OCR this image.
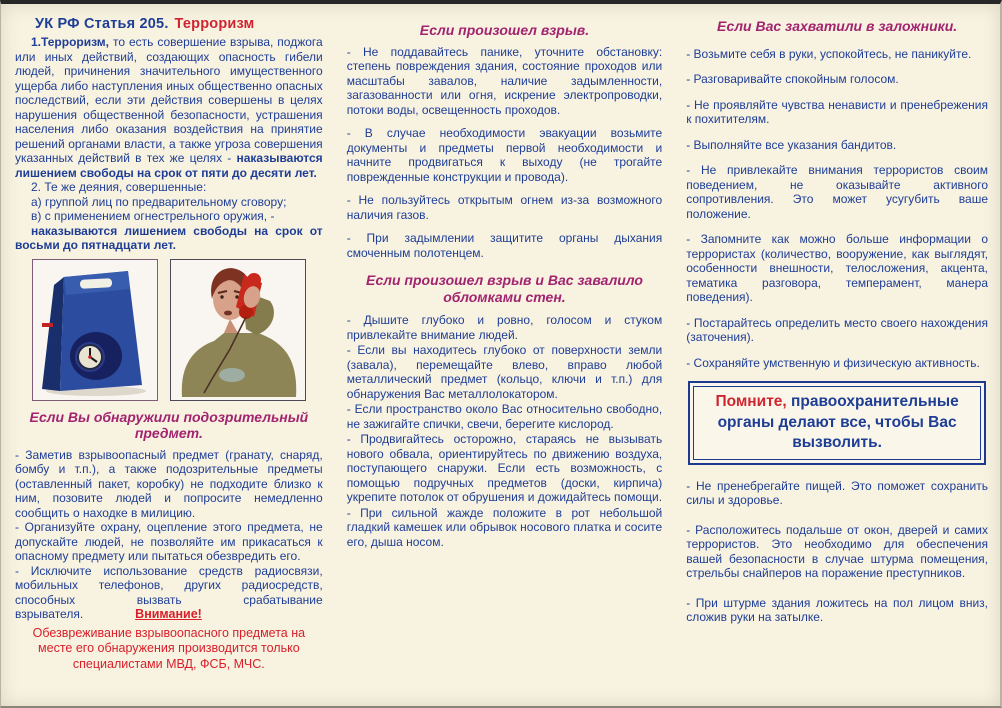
УК РФ Статья 205. Терроризм

1.Терроризм, то есть совершение взрыва, поджога или иных действий, создающих опасность гибели людей, причинения значительного имущественного ущерба либо наступления иных общественно опасных последствий, если эти действия совершены в целях нарушения общественной безопасности, устрашения населения либо оказания воздействия на принятие решений органами власти, а также угроза совершения указанных действий в тех же целях - наказываются лишением свободы на срок от пяти до десяти лет.

2. Те же деяния, совершенные:

а) группой лиц по предварительному сговору;

в) с применением огнестрельного оружия, -

наказываются лишением свободы на срок от восьми до пятнадцати лет.

Если Вы обнаружили подозрительный предмет.

- Заметив взрывоопасный предмет (гранату, снаряд, бомбу и т.п.), а также подозрительные предметы (оставленный пакет, коробку) не подходите близко к ним, позовите людей и попросите немедленно сообщить о находке в милицию.

- Организуйте охрану, оцепление этого предмета, не допускайте людей, не позволяйте им прикасаться к опасному предмету или пытаться обезвредить его.

- Исключите использование средств радиосвязи, мобильных телефонов, других радиосредств, способных вызвать срабатывание взрывателя.	Внимание!

Обезвреживание взрывоопасного предмета на месте его обнаружения производится только специалистами МВД, ФСБ, МЧС.

Если произошел взрыв.

- Не поддавайтесь панике, уточните обстановку: степень повреждения здания, состояние проходов или масштабы завалов, наличие задымленности, загазованности или огня, искрение электропроводки, потоки воды, освещенность проходов.

- В случае необходимости эвакуации возьмите документы и предметы первой необходимости и начните продвигаться к выходу (не трогайте поврежденные конструкции и провода).

- Не пользуйтесь открытым огнем из-за возможного наличия газов.

- При задымлении защитите органы дыхания смоченным полотенцем.

Если произошел взрыв и Вас завалило обломками стен.

- Дышите глубоко и ровно, голосом и стуком привлекайте внимание людей.

- Если вы находитесь глубоко от поверхности земли (завала), перемещайте влево, вправо любой металлический предмет (кольцо, ключи и т.п.) для обнаружения Вас металлолокатором.

- Если пространство около Вас относительно свободно, не зажигайте спички, свечи, берегите кислород.

- Продвигайтесь осторожно, стараясь не вызывать нового обвала, ориентируйтесь по движению воздуха, поступающего снаружи. Если есть возможность, с помощью подручных предметов (доски, кирпича) укрепите потолок от обрушения и дожидайтесь помощи.

- При сильной жажде положите в рот небольшой гладкий камешек или обрывок носового платка и сосите его, дыша носом.

Если Вас захватили в заложники.

- Возьмите себя в руки, успокойтесь, не паникуйте.

- Разговаривайте спокойным голосом.

- Не проявляйте чувства ненависти и пренебрежения к похитителям.

- Выполняйте все указания бандитов.

- Не привлекайте внимания террористов своим поведением, не оказывайте активного сопротивления. Это может усугубить ваше положение.

- Запомните как можно больше информации о террористах (количество, вооружение, как выглядят, особенности внешности, телосложения, акцента, тематика разговора, темперамент, манера поведения).

- Постарайтесь определить место своего нахождения (заточения).

- Сохраняйте умственную и физическую активность.

Помните, правоохранительные органы делают все, чтобы Вас вызволить.

- Не пренебрегайте пищей. Это поможет сохранить силы и здоровье.

- Расположитесь подальше от окон, дверей и самих террористов. Это необходимо для обеспечения вашей безопасности в случае штурма помещения, стрельбы снайперов на поражение преступников.

- При штурме здания ложитесь на пол лицом вниз, сложив руки на затылке.
